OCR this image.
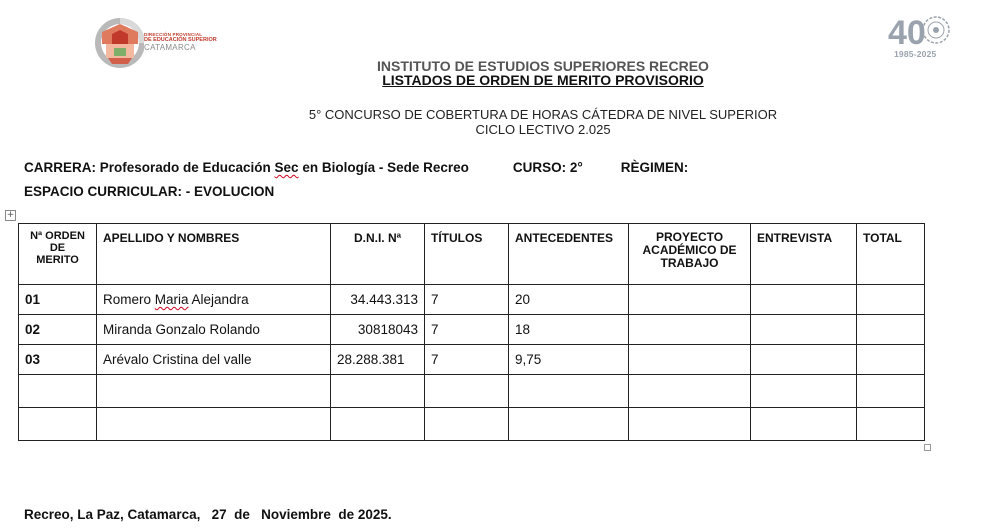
DIRECCIÓN PROVINCIAL
DE EDUCACIÓN SUPERIOR
CATAMARCA	40
1985-2025
INSTITUTO DE ESTUDIOS SUPERIORES RECREO
LISTADOS DE ORDEN DE MERITO PROVISORIO
5° CONCURSO DE COBERTURA DE HORAS CÁTEDRA DE NIVEL SUPERIOR
CICLO LECTIVO 2.025
CARRERA: Profesorado de Educación Sec en Biología - Sede Recreo	CURSO: 2°	RÈGIMEN:
ESPACIO CURRICULAR: - EVOLUCION
+
Nª ORDEN
DE
MERITO	APELLIDO Y NOMBRES	D.N.I. Nª	TÍTULOS	ANTECEDENTES	PROYECTO
ACADÉMICO DE
TRABAJO	ENTREVISTA	TOTAL
01	Romero Maria Alejandra	34.443.313	7	20			
02	Miranda Gonzalo Rolando	30818043	7	18			
03	Arévalo Cristina del valle	28.288.381	7	9,75			

Recreo, La Paz, Catamarca,   27  de   Noviembre  de 2025.
